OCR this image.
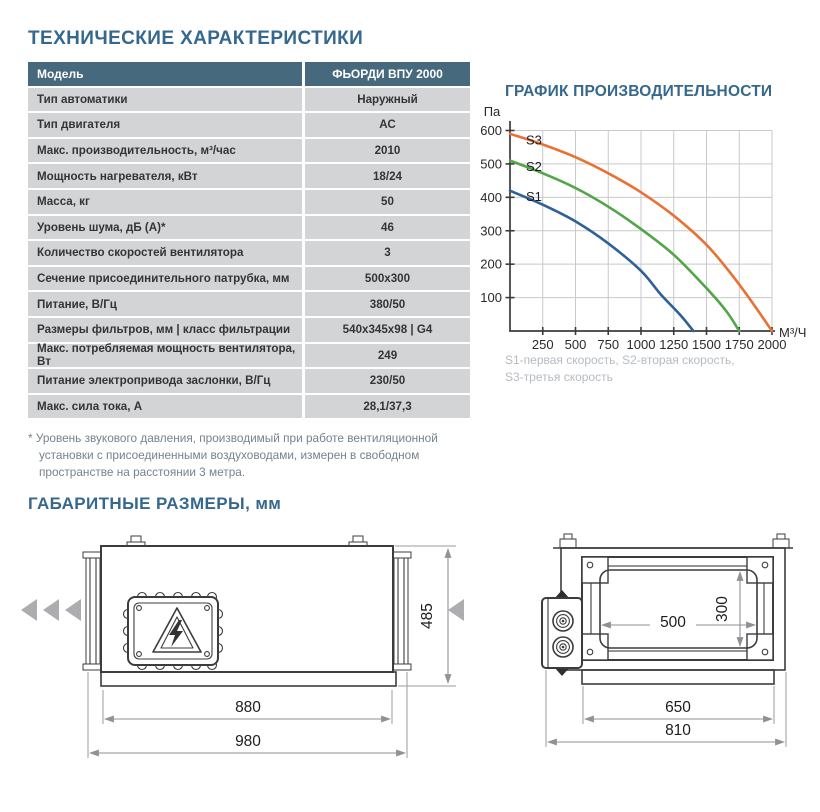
ТЕХНИЧЕСКИЕ ХАРАКТЕРИСТИКИ
Модель	ФЬОРДИ ВПУ 2000
Тип автоматики	Наружный
Тип двигателя	АС
Макс. производительность, м³/час	2010
Мощность нагревателя, кВт	18/24
Масса, кг	50
Уровень шума, дБ (А)*	46
Количество скоростей вентилятора	3
Сечение присоединительного патрубка, мм	500x300
Питание, В/Гц	380/50
Размеры фильтров, мм | класс фильтрации	540x345x98 | G4
Макс. потребляемая мощность вентилятора, Вт	249
Питание электропривода заслонки, В/Гц	230/50
Макс. сила тока, А	28,1/37,3
* Уровень звукового давления, производимый при работе вентиляционной установки с присоединенными воздуховодами, измерен в свободном пространстве на расстоянии 3 метра.
ГРАФИК ПРОИЗВОДИТЕЛЬНОСТИ
250 500 750 1000 1250 1500 1750 2000
100
200
300
400
500
600
S1
S2
S3
Па
М³/Ч
S1-первая скорость, S2-вторая скорость,
S3-третья скорость
ГАБАРИТНЫЕ РАЗМЕРЫ, мм
485
880
980
500
300
650
810
